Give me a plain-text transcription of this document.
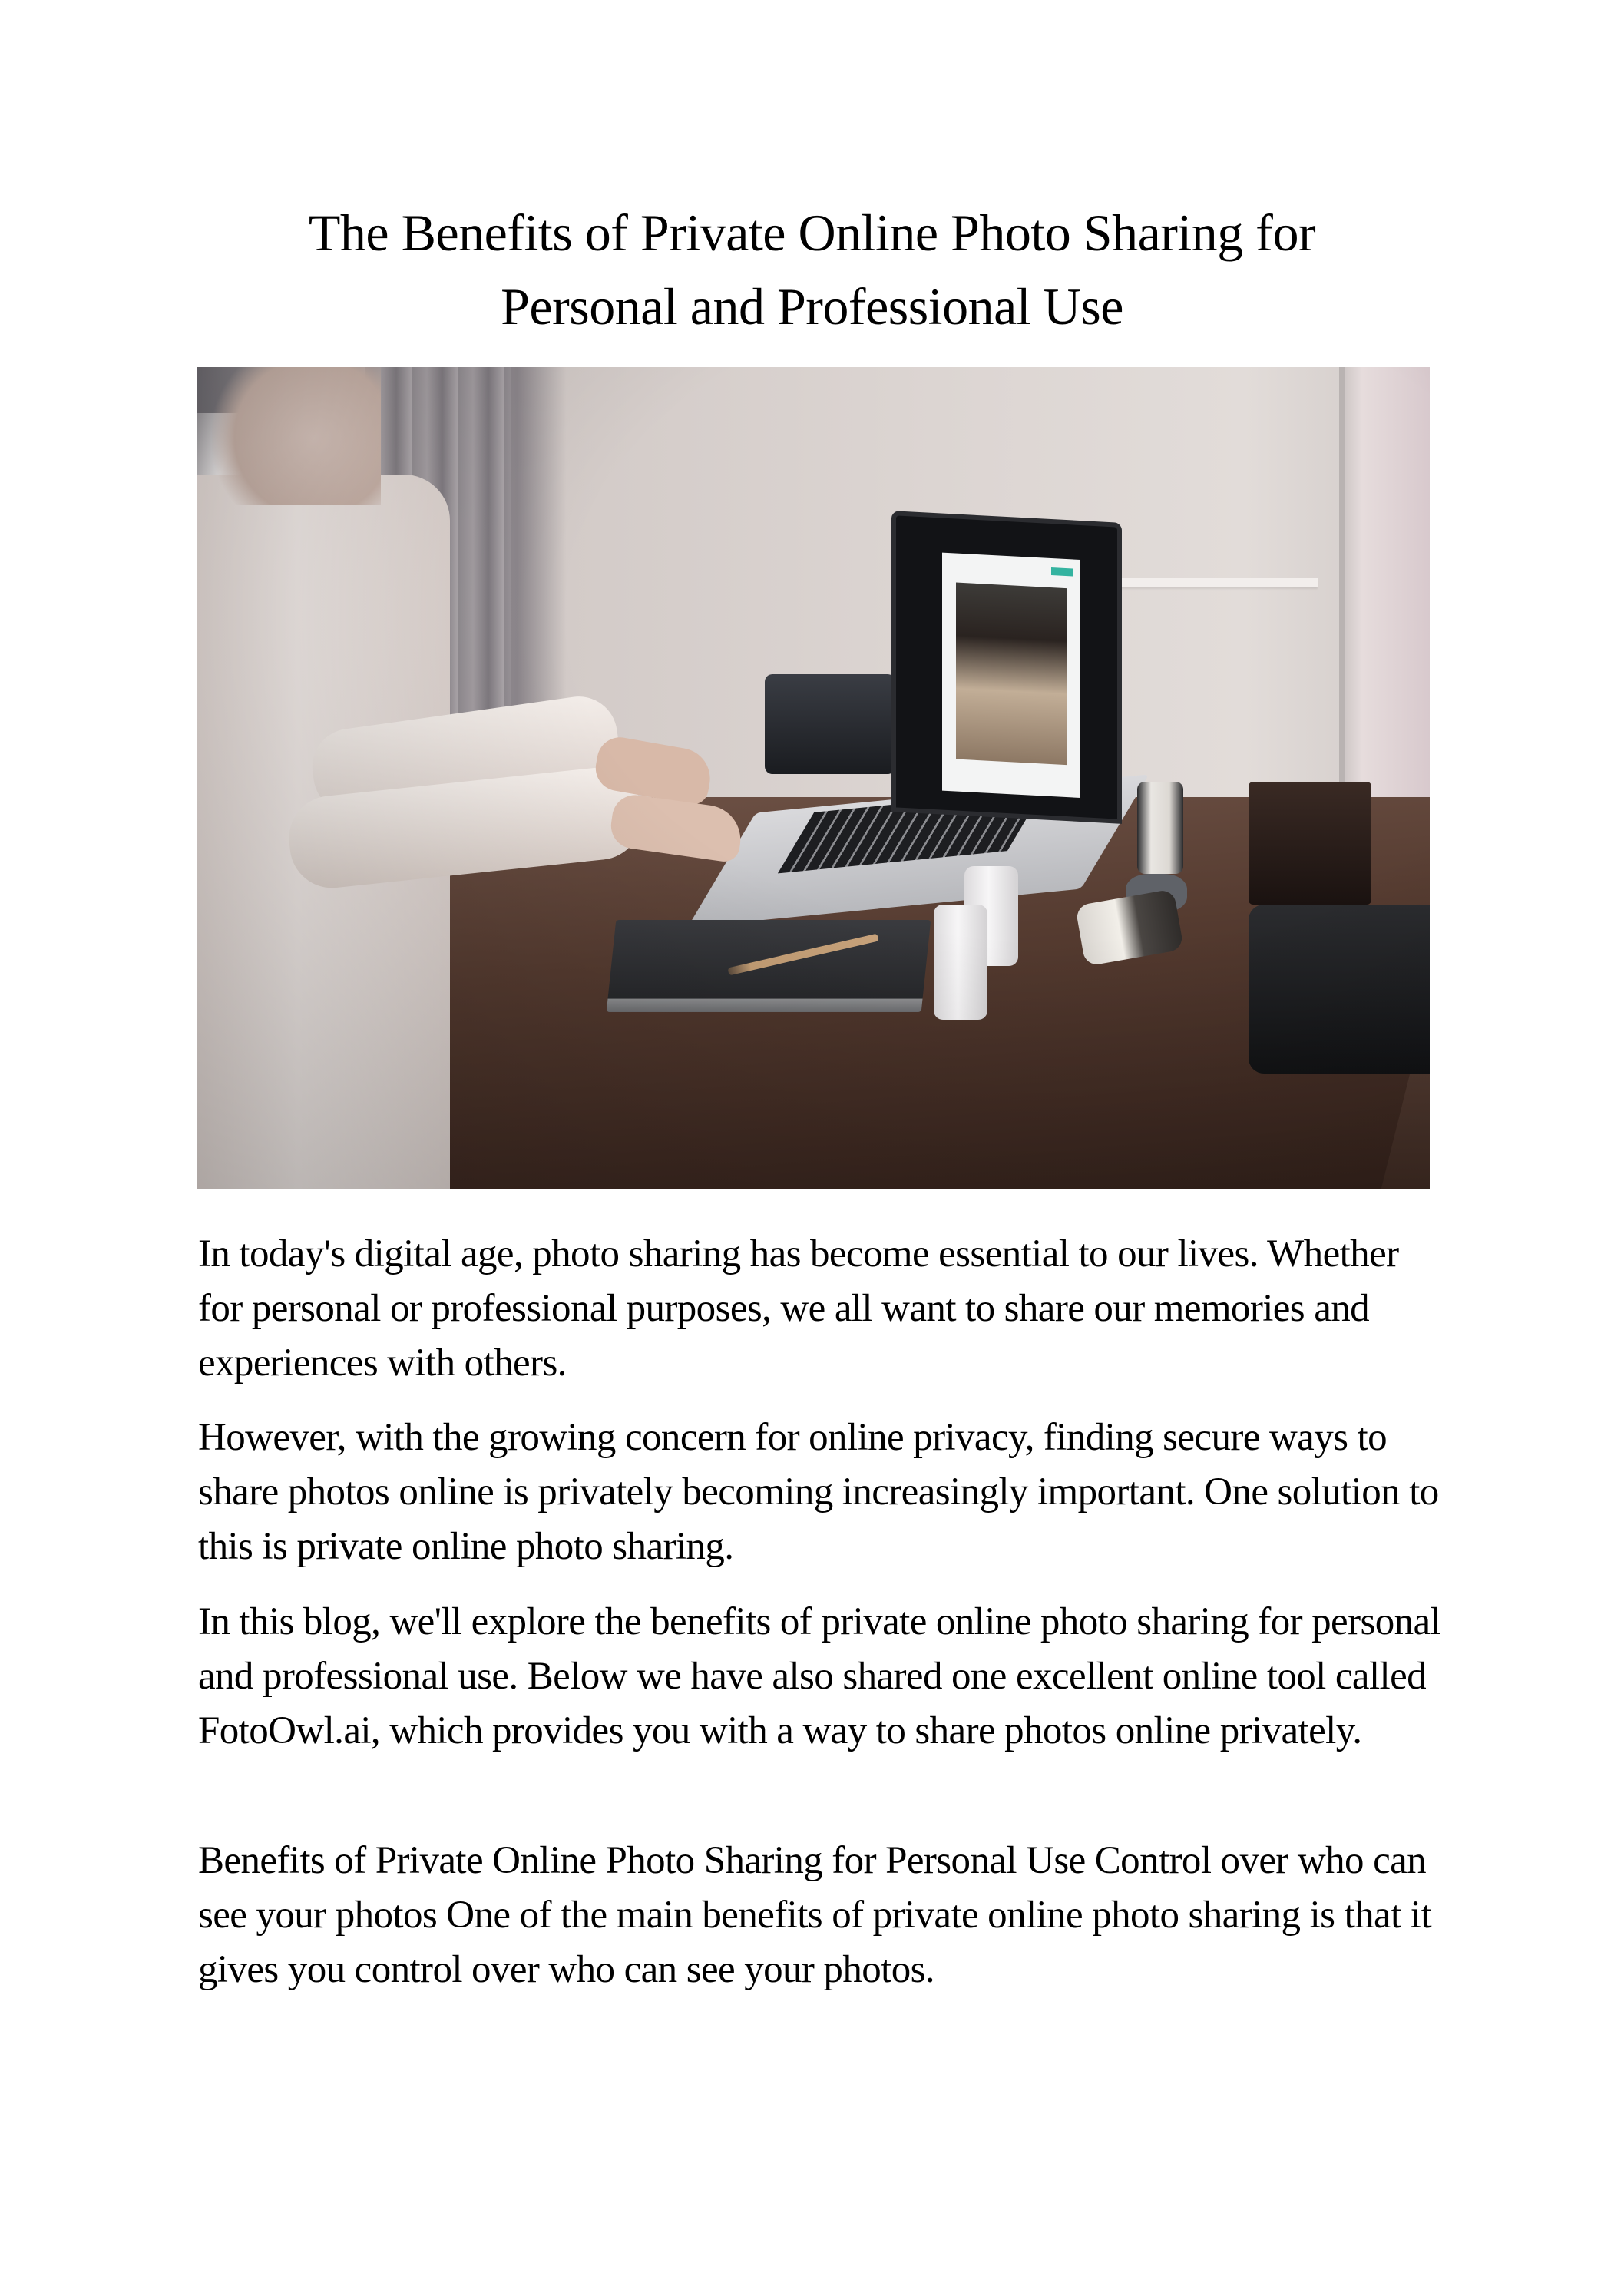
The Benefits of Private Online Photo Sharing for
Personal and Professional Use

In today's digital age, photo sharing has become essential to our lives. Whether for personal or professional purposes, we all want to share our memories and experiences with others.

However, with the growing concern for online privacy, finding secure ways to share photos online is privately becoming increasingly important. One solution to this is private online photo sharing.

In this blog, we'll explore the benefits of private online photo sharing for personal and professional use. Below we have also shared one excellent online tool called FotoOwl.ai, which provides you with a way to share photos online privately.

Benefits of Private Online Photo Sharing for Personal Use Control over who can see your photos One of the main benefits of private online photo sharing is that it gives you control over who can see your photos.
